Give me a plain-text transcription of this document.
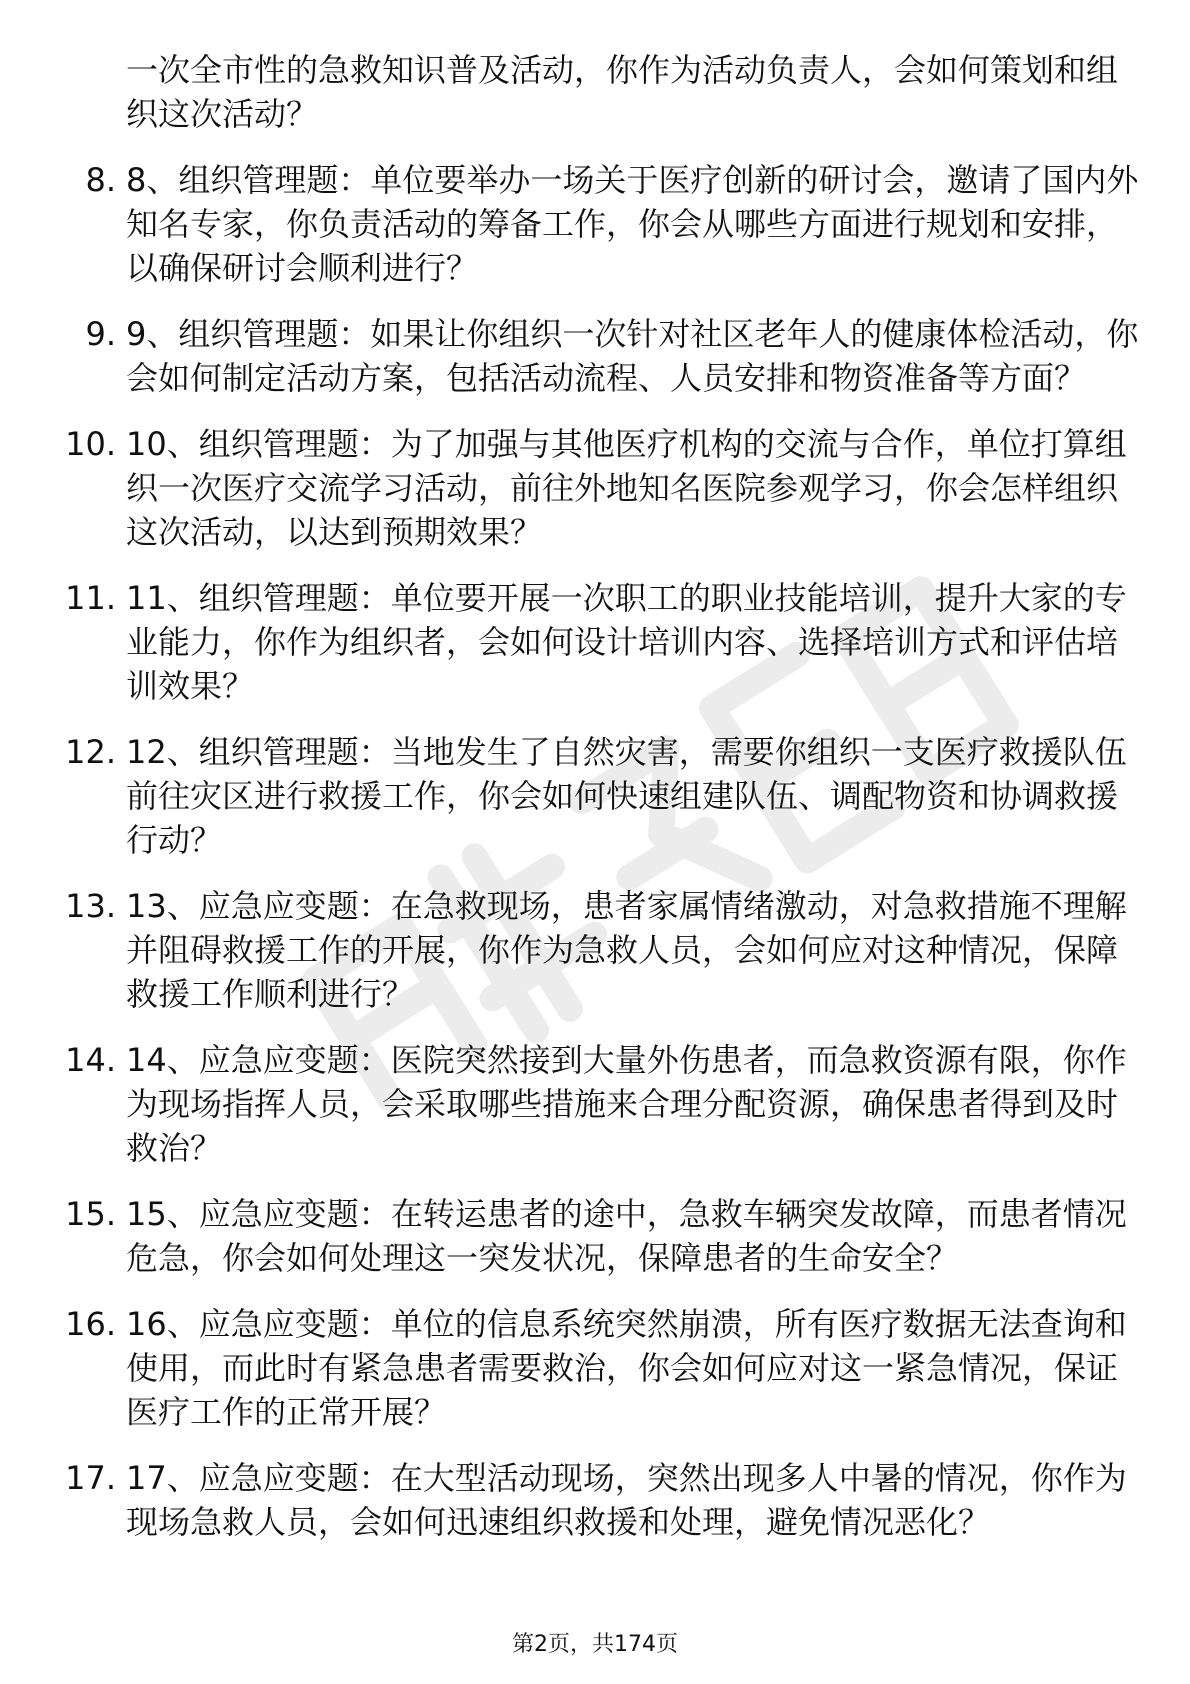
一次全市性的急救知识普及活动，你作为活动负责人，会如何策划和组织这次活动？
8. 8、组织管理题：单位要举办一场关于医疗创新的研讨会，邀请了国内外知名专家，你负责活动的筹备工作，你会从哪些方面进行规划和安排，以确保研讨会顺利进行？
9. 9、组织管理题：如果让你组织一次针对社区老年人的健康体检活动，你会如何制定活动方案，包括活动流程、人员安排和物资准备等方面？
10. 10、组织管理题：为了加强与其他医疗机构的交流与合作，单位打算组织一次医疗交流学习活动，前往外地知名医院参观学习，你会怎样组织这次活动，以达到预期效果？
11. 11、组织管理题：单位要开展一次职工的职业技能培训，提升大家的专业能力，你作为组织者，会如何设计培训内容、选择培训方式和评估培训效果？
12. 12、组织管理题：当地发生了自然灾害，需要你组织一支医疗救援队伍前往灾区进行救援工作，你会如何快速组建队伍、调配物资和协调救援行动？
13. 13、应急应变题：在急救现场，患者家属情绪激动，对急救措施不理解并阻碍救援工作的开展，你作为急救人员，会如何应对这种情况，保障救援工作顺利进行？
14. 14、应急应变题：医院突然接到大量外伤患者，而急救资源有限，你作为现场指挥人员，会采取哪些措施来合理分配资源，确保患者得到及时救治？
15. 15、应急应变题：在转运患者的途中，急救车辆突发故障，而患者情况危急，你会如何处理这一突发状况，保障患者的生命安全？
16. 16、应急应变题：单位的信息系统突然崩溃，所有医疗数据无法查询和使用，而此时有紧急患者需要救治，你会如何应对这一紧急情况，保证医疗工作的正常开展？
17. 17、应急应变题：在大型活动现场，突然出现多人中暑的情况，你作为现场急救人员，会如何迅速组织救援和处理，避免情况恶化？
第2页，共174页
